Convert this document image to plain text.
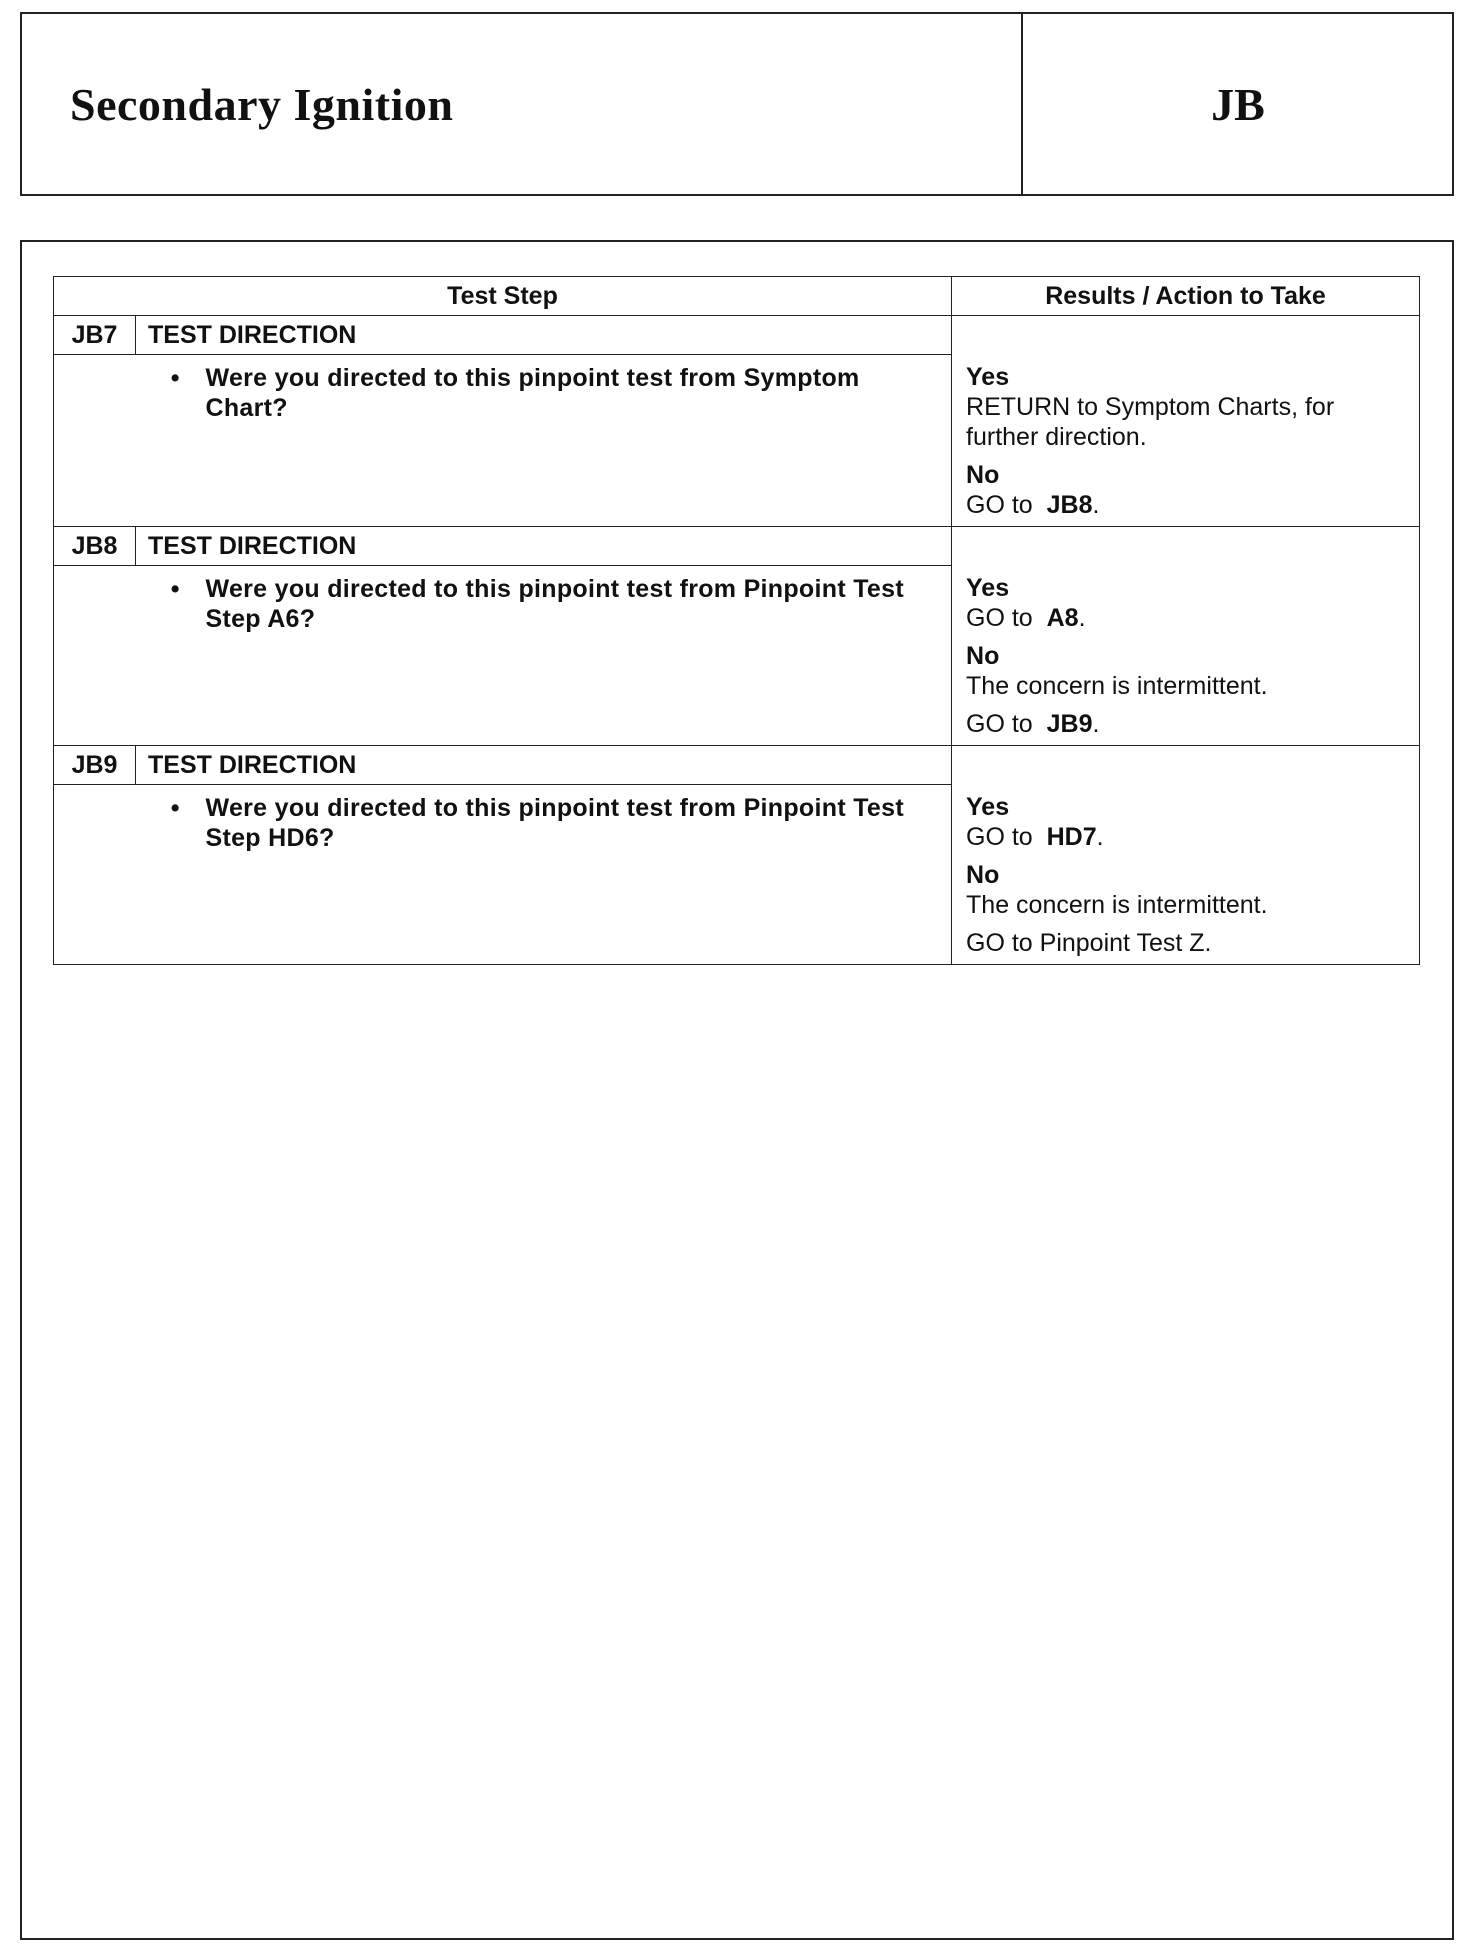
Secondary Ignition	JB
Test Step		Results / Action to Take
JB7	TEST DIRECTION	Yes
RETURN to Symptom Charts, for further direction.
No
GO to JB8.

	• Were you directed to this pinpoint test from Symptom Chart?	

JB8	TEST DIRECTION	Yes
GO to A8.
No
The concern is intermittent.
GO to JB9.

	• Were you directed to this pinpoint test from Pinpoint Test Step A6?	

JB9	TEST DIRECTION	Yes
GO to HD7.
No
The concern is intermittent.
GO to Pinpoint Test Z.

	• Were you directed to this pinpoint test from Pinpoint Test Step HD6?	
